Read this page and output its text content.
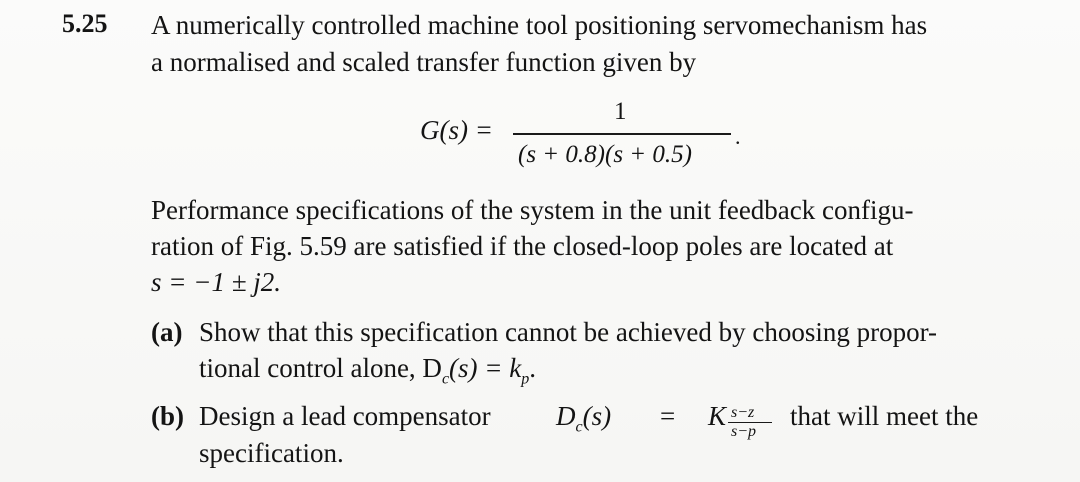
5.25 A numerically controlled machine tool positioning servomechanism has
a normalised and scaled transfer function given by
G(s) =
1
(s + 0.8)(s + 0.5)
.
Performance specifications of the system in the unit feedback configu-
ration of Fig. 5.59 are satisfied if the closed-loop poles are located at
s = −1 ± j2.
(a) Show that this specification cannot be achieved by choosing propor-
tional control alone, $D_c(s) = k_p$.
(b) Design a lead compensator $D_c(s) = K$ s−z
s−p
that will meet the
specification.
